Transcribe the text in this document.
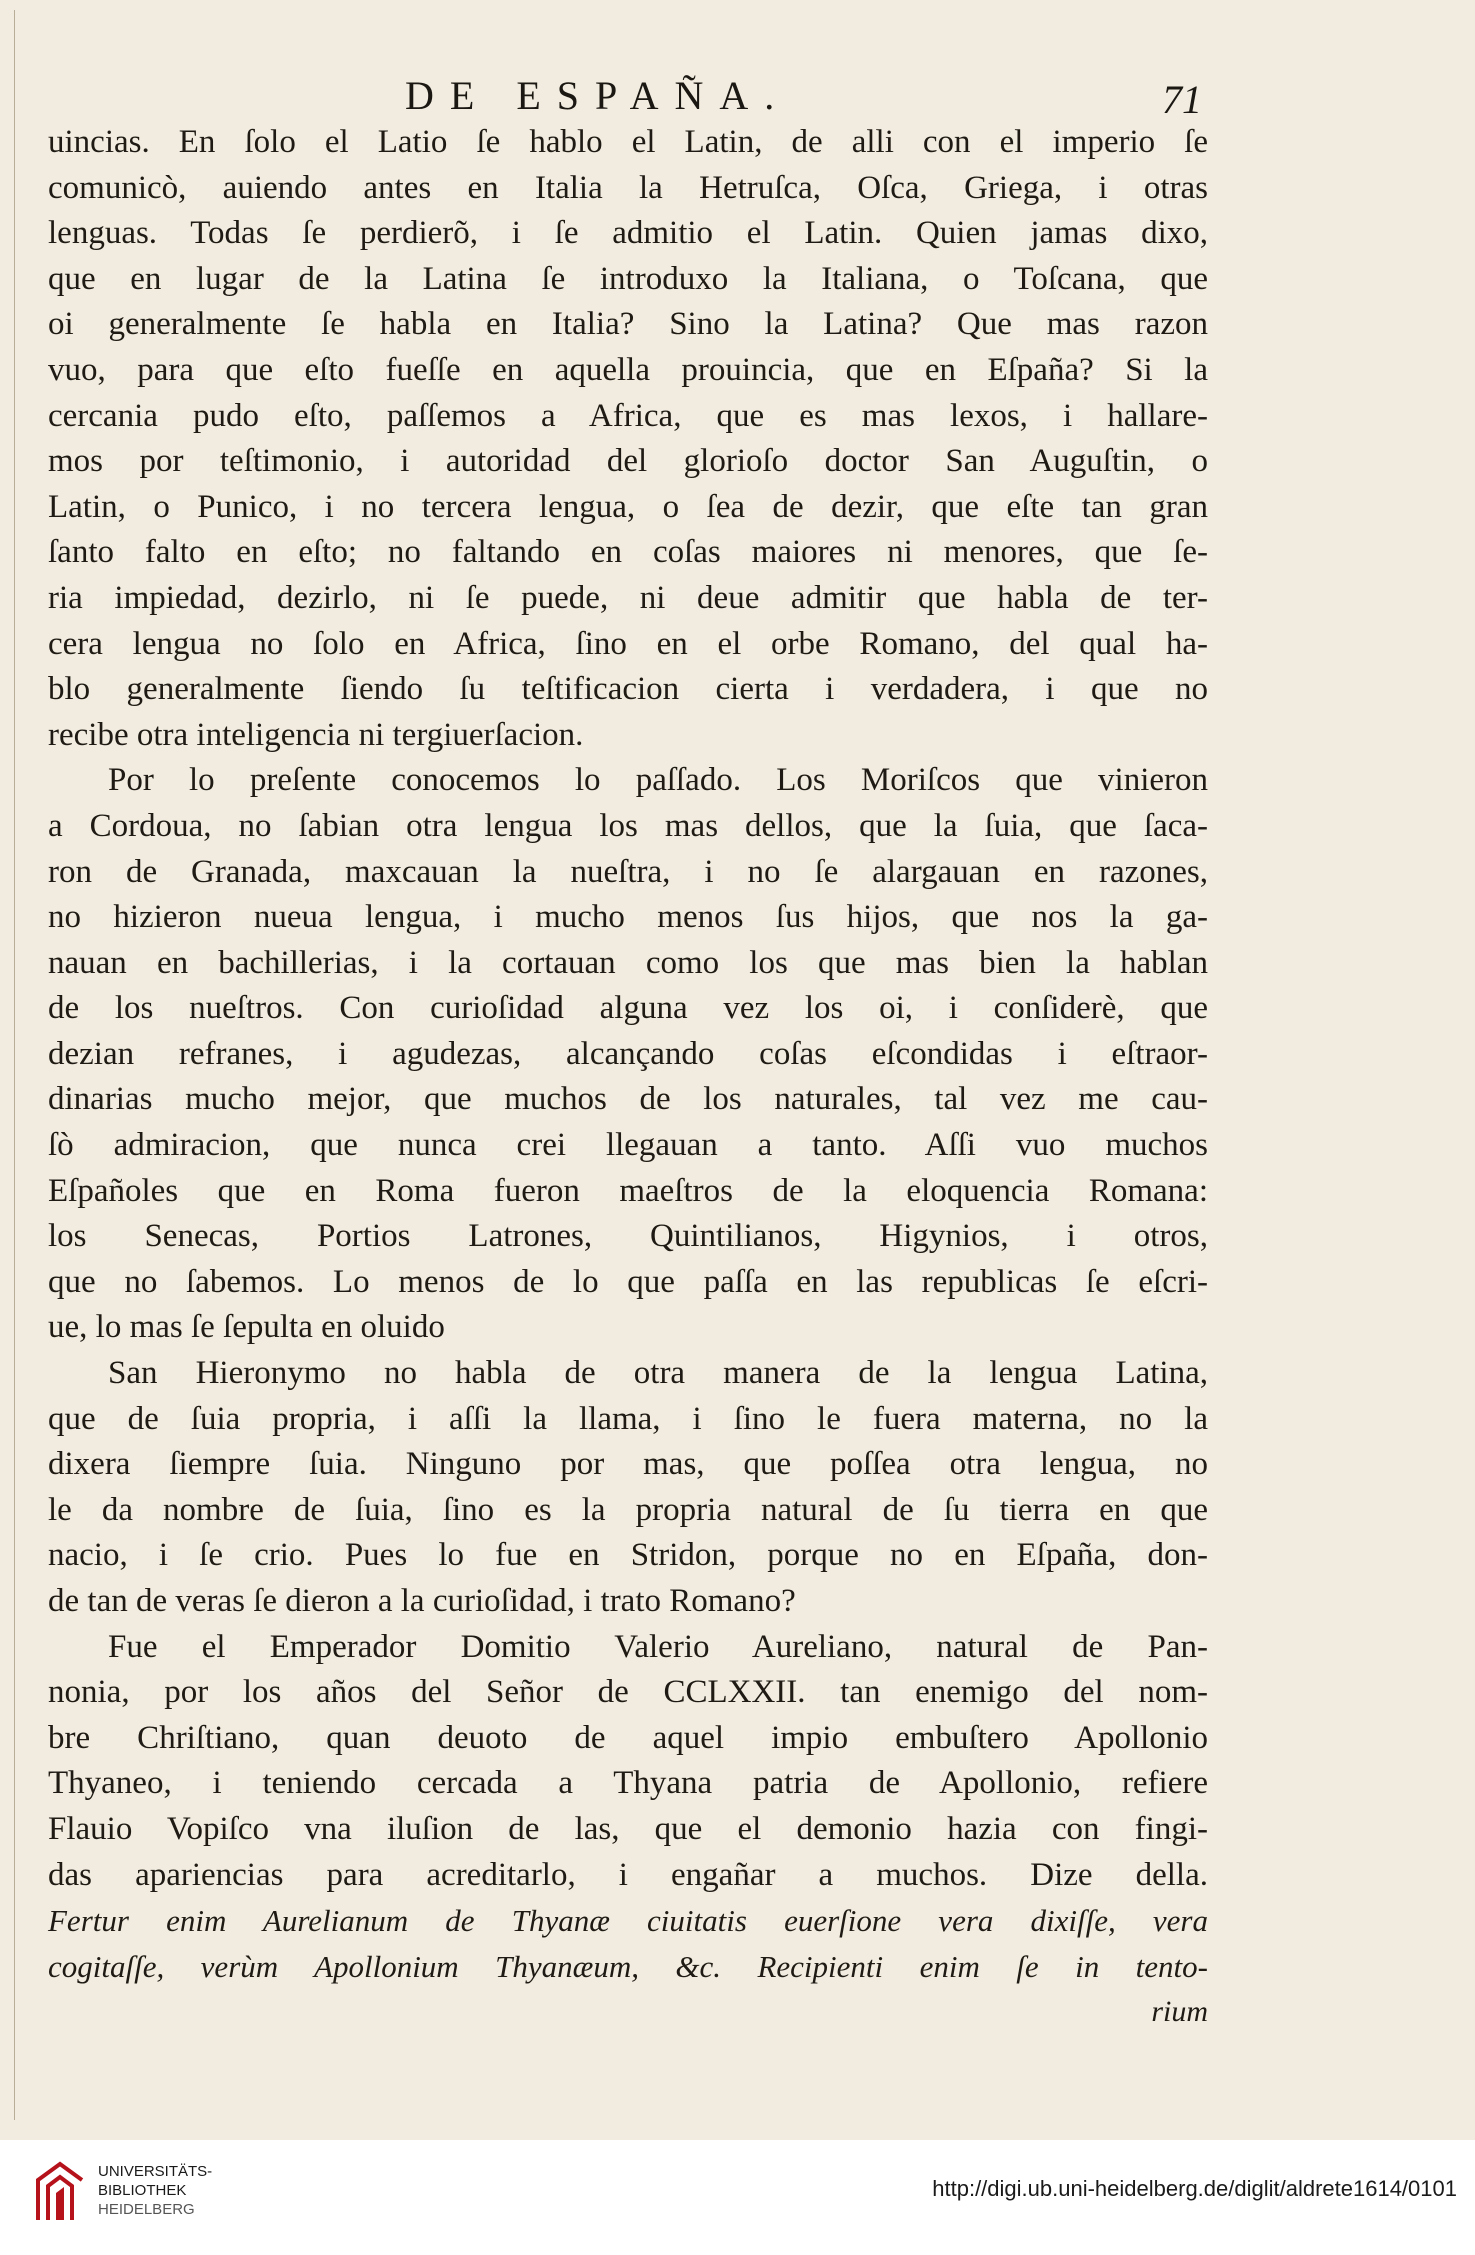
DE ESPAÑA.	71
uincias. En ſolo el Latio ſe hablo el Latin, de alli con el imperio ſe
comunicò, auiendo antes en Italia la Hetruſca, Oſca, Griega, i otras
lenguas. Todas ſe perdierõ, i ſe admitio el Latin. Quien jamas dixo,
que en lugar de la Latina ſe introduxo la Italiana, o Toſcana, que
oi generalmente ſe habla en Italia? Sino la Latina? Que mas razon
vuo, para que eſto fueſſe en aquella prouincia, que en Eſpaña? Si la
cercania pudo eſto, paſſemos a Africa, que es mas lexos, i hallare-
mos por teſtimonio, i autoridad del glorioſo doctor San Auguſtin, o
Latin, o Punico, i no tercera lengua, o ſea de dezir, que eſte tan gran
ſanto falto en eſto; no faltando en coſas maiores ni menores, que ſe-
ria impiedad, dezirlo, ni ſe puede, ni deue admitir que habla de ter-
cera lengua no ſolo en Africa, ſino en el orbe Romano, del qual ha-
blo generalmente ſiendo ſu teſtificacion cierta i verdadera, i que no
recibe otra inteligencia ni tergiuerſacion.
Por lo preſente conocemos lo paſſado. Los Moriſcos que vinieron
a Cordoua, no ſabian otra lengua los mas dellos, que la ſuia, que ſaca-
ron de Granada, maxcauan la nueſtra, i no ſe alargauan en razones,
no hizieron nueua lengua, i mucho menos ſus hijos, que nos la ga-
nauan en bachillerias, i la cortauan como los que mas bien la hablan
de los nueſtros. Con curioſidad alguna vez los oi, i conſiderè, que
dezian refranes, i agudezas, alcançando coſas eſcondidas i eſtraor-
dinarias mucho mejor, que muchos de los naturales, tal vez me cau-
ſò admiracion, que nunca crei llegauan a tanto. Aſſi vuo muchos
Eſpañoles que en Roma fueron maeſtros de la eloquencia Romana:
los Senecas, Portios Latrones, Quintilianos, Higynios, i otros,
que no ſabemos. Lo menos de lo que paſſa en las republicas ſe eſcri-
ue, lo mas ſe ſepulta en oluido
San Hieronymo no habla de otra manera de la lengua Latina,
que de ſuia propria, i aſſi la llama, i ſino le fuera materna, no la
dixera ſiempre ſuia. Ninguno por mas, que poſſea otra lengua, no
le da nombre de ſuia, ſino es la propria natural de ſu tierra en que
nacio, i ſe crio. Pues lo fue en Stridon, porque no en Eſpaña, don-
de tan de veras ſe dieron a la curioſidad, i trato Romano?
Fue el Emperador Domitio Valerio Aureliano, natural de Pan-
nonia, por los años del Señor de CCLXXII. tan enemigo del nom-
bre Chriſtiano, quan deuoto de aquel impio embuſtero Apollonio
Thyaneo, i teniendo cercada a Thyana patria de Apollonio, refiere
Flauio Vopiſco vna iluſion de las, que el demonio hazia con fingi-
das apariencias para acreditarlo, i engañar a muchos. Dize della.
Fertur enim Aurelianum de Thyanæ ciuitatis euerſione vera dixiſſe, vera
cogitaſſe, verùm Apollonium Thyanæum, &c. Recipienti enim ſe in tento-
rium
UNIVERSITÄTS-
BIBLIOTHEK
HEIDELBERG
http://digi.ub.uni-heidelberg.de/diglit/aldrete1614/0101
